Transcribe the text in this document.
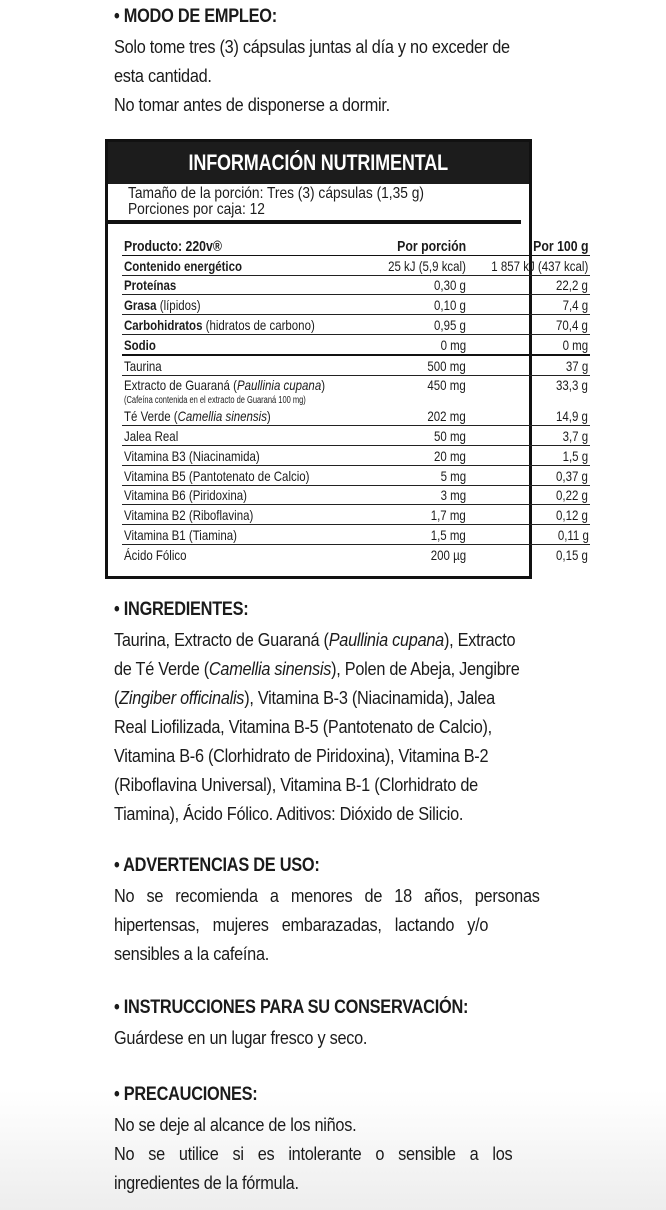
• MODO DE EMPLEO:
Solo tome tres (3) cápsulas juntas al día y no exceder de
esta cantidad.
No tomar antes de disponerse a dormir.
INFORMACIÓN NUTRIMENTAL
Tamaño de la porción: Tres (3) cápsulas (1,35 g)
Porciones por caja: 12
Producto: 220v®	Por porción	Por 100 g
Contenido energético	25 kJ (5,9 kcal)	1 857 kJ (437 kcal)
Proteínas	0,30 g	22,2 g
Grasa (lípidos)	0,10 g	7,4 g
Carbohidratos (hidratos de carbono)	0,95 g	70,4 g
Sodio	0 mg	0 mg
Taurina	500 mg	37 g
Extracto de Guaraná (Paullinia cupana)	450 mg	33,3 g
(Cafeína contenida en el extracto de Guaraná 100 mg)		
Té Verde (Camellia sinensis)	202 mg	14,9 g
Jalea Real	50 mg	3,7 g
Vitamina B3 (Niacinamida)	20 mg	1,5 g
Vitamina B5 (Pantotenato de Calcio)	5 mg	0,37 g
Vitamina B6 (Piridoxina)	3 mg	0,22 g
Vitamina B2 (Riboflavina)	1,7 mg	0,12 g
Vitamina B1 (Tiamina)	1,5 mg	0,11 g
Ácido Fólico	200 µg	0,15 g
• INGREDIENTES:
Taurina, Extracto de Guaraná (Paullinia cupana), Extracto
de Té Verde (Camellia sinensis), Polen de Abeja, Jengibre
(Zingiber officinalis), Vitamina B-3 (Niacinamida), Jalea
Real Liofilizada, Vitamina B-5 (Pantotenato de Calcio),
Vitamina B-6 (Clorhidrato de Piridoxina), Vitamina B-2
(Riboflavina Universal), Vitamina B-1 (Clorhidrato de
Tiamina), Ácido Fólico. Aditivos: Dióxido de Silicio.
• ADVERTENCIAS DE USO:
No se recomienda a menores de 18 años, personas
hipertensas, mujeres embarazadas, lactando y/o
sensibles a la cafeína.
• INSTRUCCIONES PARA SU CONSERVACIÓN:
Guárdese en un lugar fresco y seco.
• PRECAUCIONES:
No se deje al alcance de los niños.
No se utilice si es intolerante o sensible a los
ingredientes de la fórmula.
